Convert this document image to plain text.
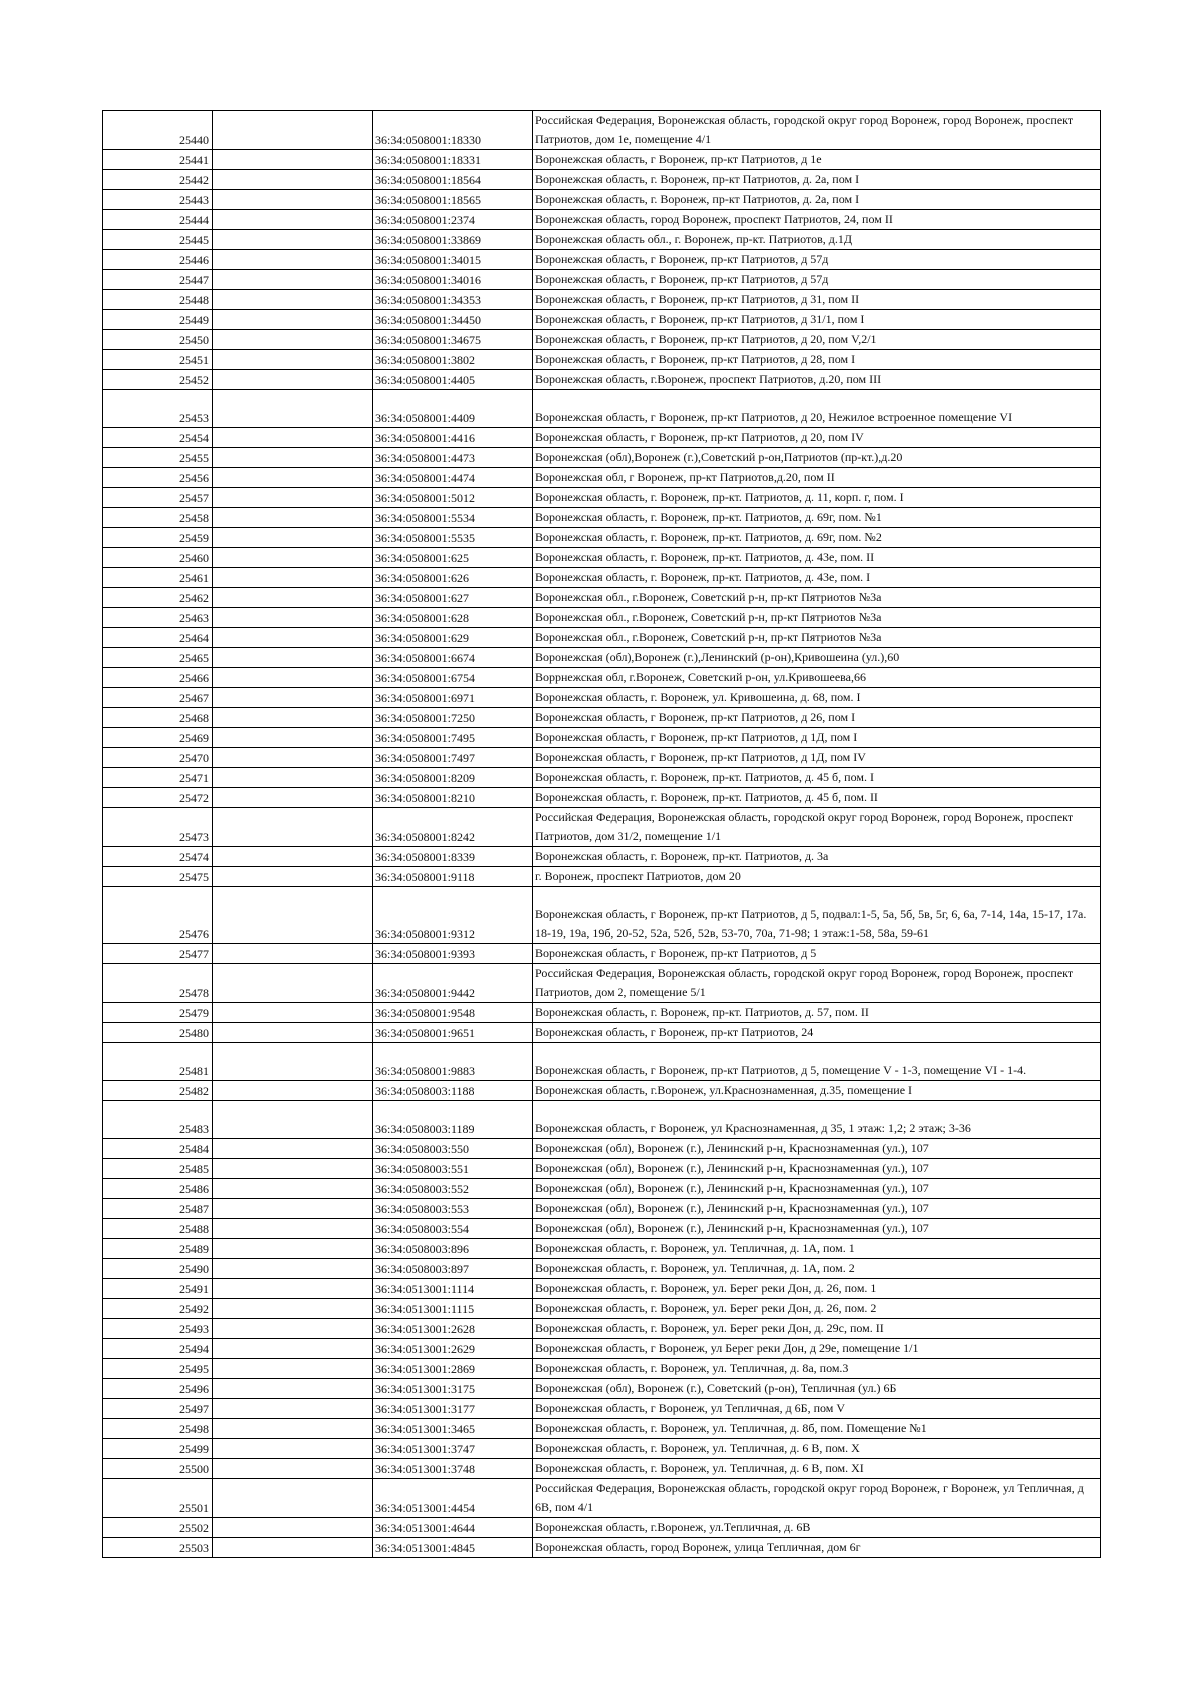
25440		36:34:0508001:18330	Российская Федерация, Воронежская область, городской округ город Воронеж, город Воронеж, проспект Патриотов, дом 1е, помещение 4/1
25441		36:34:0508001:18331	Воронежская область, г Воронеж, пр-кт Патриотов, д 1е
25442		36:34:0508001:18564	Воронежская область, г. Воронеж, пр-кт Патриотов, д. 2а, пом I
25443		36:34:0508001:18565	Воронежская область, г. Воронеж, пр-кт Патриотов, д. 2а, пом I
25444		36:34:0508001:2374	Воронежская область, город Воронеж, проспект Патриотов, 24, пом II
25445		36:34:0508001:33869	Воронежская область обл., г. Воронеж, пр-кт. Патриотов, д.1Д
25446		36:34:0508001:34015	Воронежская область, г Воронеж, пр-кт Патриотов, д 57д
25447		36:34:0508001:34016	Воронежская область, г Воронеж, пр-кт Патриотов, д 57д
25448		36:34:0508001:34353	Воронежская область, г Воронеж, пр-кт Патриотов, д 31, пом II
25449		36:34:0508001:34450	Воронежская область, г Воронеж, пр-кт Патриотов, д 31/1, пом I
25450		36:34:0508001:34675	Воронежская область, г Воронеж, пр-кт Патриотов, д 20, пом V,2/1
25451		36:34:0508001:3802	Воронежская область, г Воронеж, пр-кт Патриотов, д 28, пом I
25452		36:34:0508001:4405	Воронежская область, г.Воронеж, проспект Патриотов, д.20, пом III
25453		36:34:0508001:4409	Воронежская область, г Воронеж, пр-кт Патриотов, д 20, Нежилое встроенное помещение VI
25454		36:34:0508001:4416	Воронежская область, г Воронеж, пр-кт Патриотов, д 20, пом IV
25455		36:34:0508001:4473	Воронежская (обл),Воронеж (г.),Советский р-он,Патриотов (пр-кт.),д.20
25456		36:34:0508001:4474	Воронежская обл, г Воронеж, пр-кт Патриотов,д.20, пом II
25457		36:34:0508001:5012	Воронежская область, г. Воронеж, пр-кт. Патриотов, д. 11, корп. г, пом. I
25458		36:34:0508001:5534	Воронежская область, г. Воронеж, пр-кт. Патриотов, д. 69г, пом. №1
25459		36:34:0508001:5535	Воронежская область, г. Воронеж, пр-кт. Патриотов, д. 69г, пом. №2
25460		36:34:0508001:625	Воронежская область, г. Воронеж, пр-кт. Патриотов, д. 43е, пом. II
25461		36:34:0508001:626	Воронежская область, г. Воронеж, пр-кт. Патриотов, д. 43е, пом. I
25462		36:34:0508001:627	Воронежская обл., г.Воронеж, Советский р-н, пр-кт Пятриотов №3а
25463		36:34:0508001:628	Воронежская обл., г.Воронеж, Советский р-н, пр-кт Пятриотов №3а
25464		36:34:0508001:629	Воронежская обл., г.Воронеж, Советский р-н, пр-кт Пятриотов №3а
25465		36:34:0508001:6674	Воронежская (обл),Воронеж (г.),Ленинский (р-он),Кривошеина (ул.),60
25466		36:34:0508001:6754	Воррнежская обл, г.Воронеж, Советский р-он, ул.Кривошеева,66
25467		36:34:0508001:6971	Воронежская область, г. Воронеж, ул. Кривошеина, д. 68, пом. I
25468		36:34:0508001:7250	Воронежская область, г Воронеж, пр-кт Патриотов, д 26, пом I
25469		36:34:0508001:7495	Воронежская область, г Воронеж, пр-кт Патриотов, д 1Д, пом I
25470		36:34:0508001:7497	Воронежская область, г Воронеж, пр-кт Патриотов, д 1Д, пом IV
25471		36:34:0508001:8209	Воронежская область, г. Воронеж, пр-кт. Патриотов, д. 45 б, пом. I
25472		36:34:0508001:8210	Воронежская область, г. Воронеж, пр-кт. Патриотов, д. 45 б, пом. II
25473		36:34:0508001:8242	Российская Федерация, Воронежская область, городской округ город Воронеж, город Воронеж, проспект Патриотов, дом 31/2, помещение 1/1
25474		36:34:0508001:8339	Воронежская область, г. Воронеж, пр-кт. Патриотов, д. 3а
25475		36:34:0508001:9118	г. Воронеж, проспект Патриотов, дом 20
25476		36:34:0508001:9312	Воронежская область, г Воронеж, пр-кт Патриотов, д 5, подвал:1-5, 5а, 5б, 5в, 5г, 6, 6а, 7-14, 14а, 15-17, 17а. 18-19, 19а, 19б, 20-52, 52а, 52б, 52в, 53-70, 70а, 71-98; 1 этаж:1-58, 58а, 59-61
25477		36:34:0508001:9393	Воронежская область, г Воронеж, пр-кт Патриотов, д 5
25478		36:34:0508001:9442	Российская Федерация, Воронежская область, городской округ город Воронеж, город Воронеж, проспект Патриотов, дом 2, помещение 5/1
25479		36:34:0508001:9548	Воронежская область, г. Воронеж, пр-кт. Патриотов, д. 57, пом. II
25480		36:34:0508001:9651	Воронежская область, г Воронеж, пр-кт Патриотов, 24
25481		36:34:0508001:9883	Воронежская область, г Воронеж, пр-кт Патриотов, д 5, помещение V - 1-3, помещение VI - 1-4.
25482		36:34:0508003:1188	Воронежская область, г.Воронеж, ул.Краснознаменная, д.35, помещение I
25483		36:34:0508003:1189	Воронежская область, г Воронеж, ул Краснознаменная, д 35, 1 этаж: 1,2; 2 этаж; 3-36
25484		36:34:0508003:550	Воронежская (обл), Воронеж (г.), Ленинский р-н, Краснознаменная (ул.), 107
25485		36:34:0508003:551	Воронежская (обл), Воронеж (г.), Ленинский р-н, Краснознаменная (ул.), 107
25486		36:34:0508003:552	Воронежская (обл), Воронеж (г.), Ленинский р-н, Краснознаменная (ул.), 107
25487		36:34:0508003:553	Воронежская (обл), Воронеж (г.), Ленинский р-н, Краснознаменная (ул.), 107
25488		36:34:0508003:554	Воронежская (обл), Воронеж (г.), Ленинский р-н, Краснознаменная (ул.), 107
25489		36:34:0508003:896	Воронежская область, г. Воронеж, ул. Тепличная, д. 1А, пом. 1
25490		36:34:0508003:897	Воронежская область, г. Воронеж, ул. Тепличная, д. 1А, пом. 2
25491		36:34:0513001:1114	Воронежская область, г. Воронеж, ул. Берег реки Дон, д. 26, пом. 1
25492		36:34:0513001:1115	Воронежская область, г. Воронеж, ул. Берег реки Дон, д. 26, пом. 2
25493		36:34:0513001:2628	Воронежская область, г. Воронеж, ул. Берег реки Дон, д. 29с, пом. II
25494		36:34:0513001:2629	Воронежская область, г Воронеж, ул Берег реки Дон, д 29е, помещение 1/1
25495		36:34:0513001:2869	Воронежская область, г. Воронеж, ул. Тепличная, д. 8а, пом.3
25496		36:34:0513001:3175	Воронежская (обл), Воронеж (г.), Советский (р-он), Тепличная (ул.) 6Б
25497		36:34:0513001:3177	Воронежская область, г Воронеж, ул Тепличная, д 6Б, пом V
25498		36:34:0513001:3465	Воронежская область, г. Воронеж, ул. Тепличная, д. 8б, пом. Помещение №1
25499		36:34:0513001:3747	Воронежская область, г. Воронеж, ул. Тепличная, д. 6 В, пом. X
25500		36:34:0513001:3748	Воронежская область, г. Воронеж, ул. Тепличная, д. 6 В, пом. XI
25501		36:34:0513001:4454	Российская Федерация, Воронежская область, городской округ город Воронеж, г Воронеж, ул Тепличная, д 6В, пом 4/1
25502		36:34:0513001:4644	Воронежская область, г.Воронеж, ул.Тепличная, д. 6В
25503		36:34:0513001:4845	Воронежская область, город Воронеж, улица Тепличная, дом 6г
